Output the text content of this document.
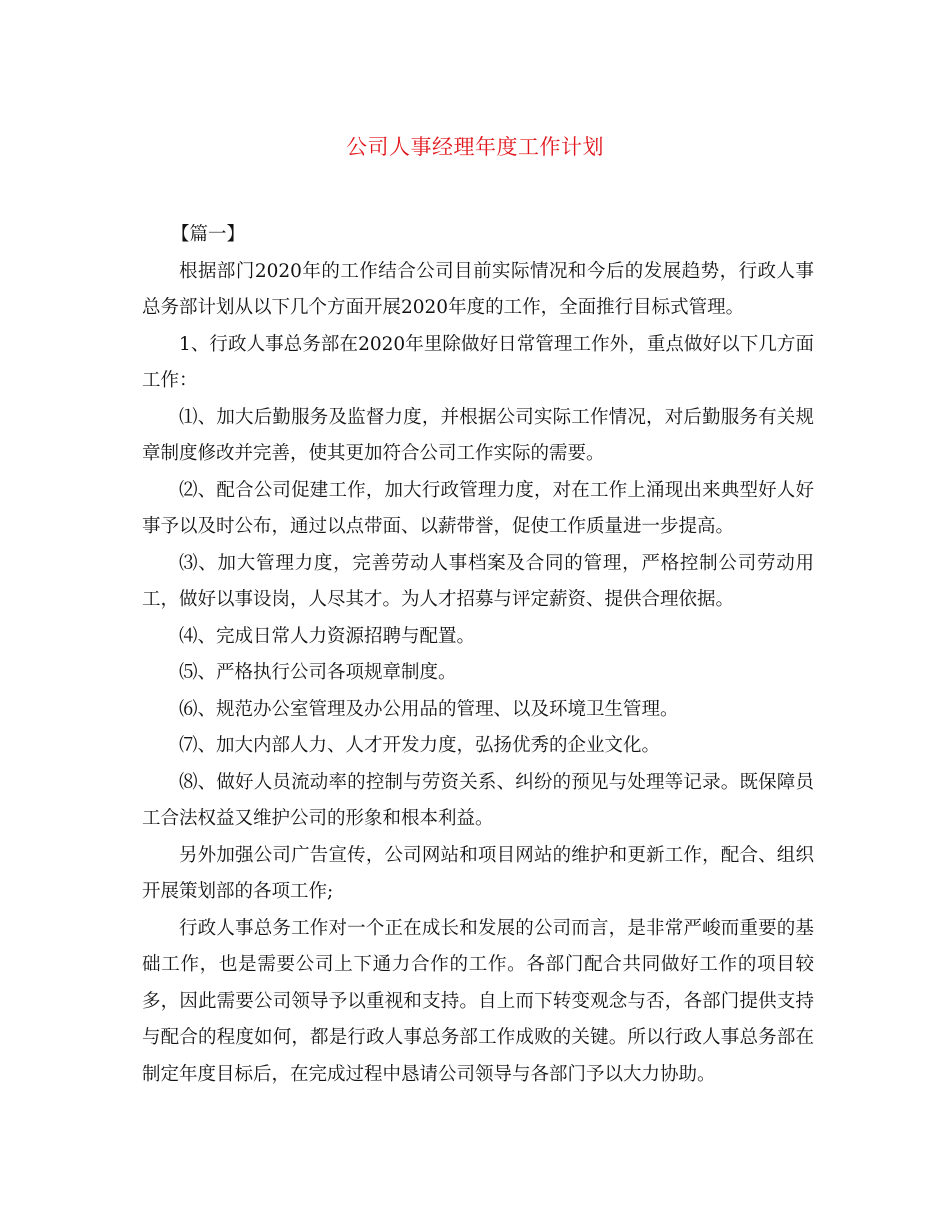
公司人事经理年度工作计划

【篇一】

根据部门2020年的工作结合公司目前实际情况和今后的发展趋势，行政人事总务部计划从以下几个方面开展2020年度的工作，全面推行目标式管理。

1、行政人事总务部在2020年里除做好日常管理工作外，重点做好以下几方面工作：

⑴、加大后勤服务及监督力度，并根据公司实际工作情况，对后勤服务有关规章制度修改并完善，使其更加符合公司工作实际的需要。

⑵、配合公司促建工作，加大行政管理力度，对在工作上涌现出来典型好人好事予以及时公布，通过以点带面、以薪带誉，促使工作质量进一步提高。

⑶、加大管理力度，完善劳动人事档案及合同的管理，严格控制公司劳动用工，做好以事设岗，人尽其才。为人才招募与评定薪资、提供合理依据。

⑷、完成日常人力资源招聘与配置。

⑸、严格执行公司各项规章制度。

⑹、规范办公室管理及办公用品的管理、以及环境卫生管理。

⑺、加大内部人力、人才开发力度，弘扬优秀的企业文化。

⑻、做好人员流动率的控制与劳资关系、纠纷的预见与处理等记录。既保障员工合法权益又维护公司的形象和根本利益。

另外加强公司广告宣传，公司网站和项目网站的维护和更新工作，配合、组织开展策划部的各项工作;

行政人事总务工作对一个正在成长和发展的公司而言，是非常严峻而重要的基础工作，也是需要公司上下通力合作的工作。各部门配合共同做好工作的项目较多，因此需要公司领导予以重视和支持。自上而下转变观念与否，各部门提供支持与配合的程度如何，都是行政人事总务部工作成败的关键。所以行政人事总务部在制定年度目标后，在完成过程中恳请公司领导与各部门予以大力协助。
